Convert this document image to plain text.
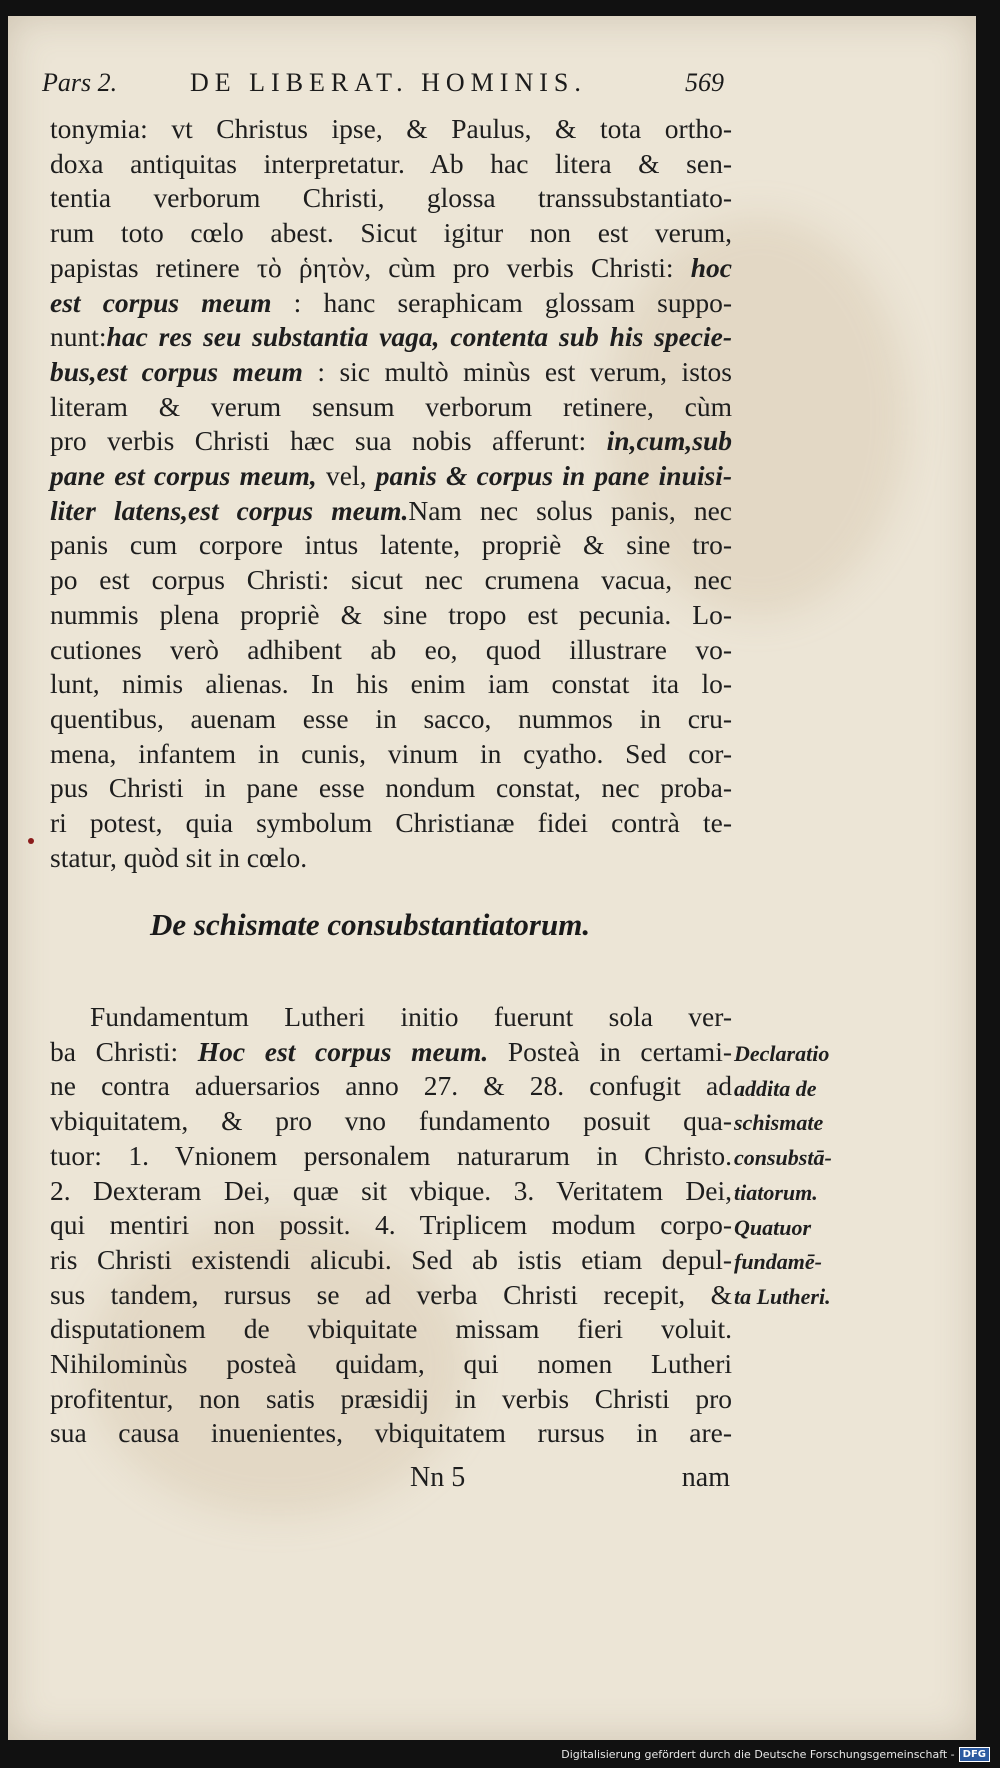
Pars 2.	DE LIBERAT. HOMINIS.	569
tonymia: vt Christus ipse, & Paulus, & tota ortho-
doxa antiquitas interpretatur. Ab hac litera & sen-
tentia verborum Christi, glossa transsubstantiato-
rum toto cœlo abest. Sicut igitur non est verum,
papistas retinere τὸ ῥητὸν, cùm pro verbis Christi: hoc
est corpus meum : hanc seraphicam glossam suppo-
nunt:hac res seu substantia vaga, contenta sub his specie-
bus,est corpus meum : sic multò minùs est verum, istos
literam & verum sensum verborum retinere, cùm
pro verbis Christi hæc sua nobis afferunt: in,cum,sub
pane est corpus meum, vel, panis & corpus in pane inuisi-
liter latens,est corpus meum.Nam nec solus panis, nec
panis cum corpore intus latente, propriè & sine tro-
po est corpus Christi: sicut nec crumena vacua, nec
nummis plena propriè & sine tropo est pecunia. Lo-
cutiones verò adhibent ab eo, quod illustrare vo-
lunt, nimis alienas. In his enim iam constat ita lo-
quentibus, auenam esse in sacco, nummos in cru-
mena, infantem in cunis, vinum in cyatho. Sed cor-
pus Christi in pane esse nondum constat, nec proba-
ri potest, quia symbolum Christianæ fidei contrà te-
statur, quòd sit in cœlo.
De schismate consubstantiatorum.
Fundamentum Lutheri initio fuerunt sola ver-
ba Christi: Hoc est corpus meum. Posteà in certami-
ne contra aduersarios anno 27. & 28. confugit ad
vbiquitatem, & pro vno fundamento posuit qua-
tuor: 1. Vnionem personalem naturarum in Christo.
2. Dexteram Dei, quæ sit vbique. 3. Veritatem Dei,
qui mentiri non possit. 4. Triplicem modum corpo-
ris Christi existendi alicubi. Sed ab istis etiam depul-
sus tandem, rursus se ad verba Christi recepit, &
disputationem de vbiquitate missam fieri voluit.
Nihilominùs posteà quidam, qui nomen Lutheri
profitentur, non satis præsidij in verbis Christi pro
sua causa inuenientes, vbiquitatem rursus in are-
Declaratio
addita de
schismate
consubstā-
tiatorum.
Quatuor
fundamē-
ta Lutheri.
Nn 5	nam
Digitalisierung gefördert durch die Deutsche Forschungsgemeinschaft - DFG
